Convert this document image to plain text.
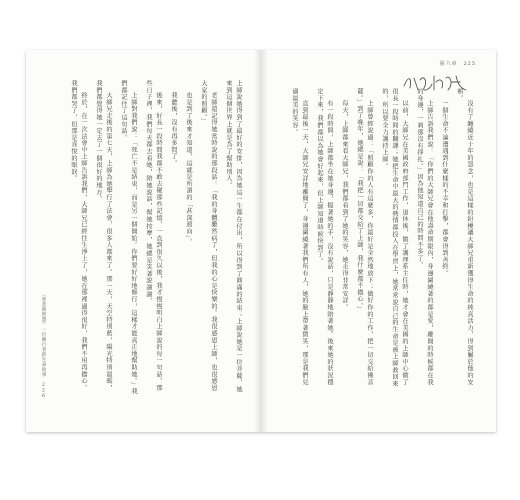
上師說她得到了最好的安排，因為她這一生都在付出，所以得到了圓滿的結束；上師說她是一位菩薩，她來到這個世界上就是為了幫助別人。

老師還記得她當時說的那段話：「我的身體雖然病了，但我的心是快樂的。我很感恩上師，也很感恩大家的照顧。」

也是到了後來才知道，這就是所謂的「甚深迴向」。

我聽後，沒有再多問了。

後來，好長一段時間我都不敢去碰那些記憶，一直到很久以後，我才慢慢明白上師說的每一句話。那些日子裡，我們每天都去看她，陪她說話，幫她按摩，她總是笑著說謝謝。

上師對我們說：「死亡不是結束，而是另一個開始。你們要好好地修行，這樣才能真正地幫助她。」我們都記住了這句話。

大師兄走後的第七天，上師為她舉行了法會，很多人都來了。那一天，天空特別藍，陽光特別溫暖，我們都覺得她一定去了一個很好的地方。

終於，在一次法會中上師告訴我們，大師兄已經往生淨土了，她在那裡過得很好，我們不用再擔心。我們都哭了，但那是喜悅的眼淚。

〈慈悲與智慧〉一位修行者的生命故事226
第六章 225

沒有了纏繞近十年的怨念，也是這樣的紛擾讓大師兄重新獲得生命的純真活力，得到屬於他的安頓。

一個生命不論遭遇到什麼樣的不幸和打擊，都會得到善終。

上師告訴我們說：「你們的大師兄會在他壽命期限內，身邊圍繞著的都是愛，離開的時候都在我的身邊，一剎那沒有掙扎。」因為他知道自己的時間不多了。

以前，大師兄在美國政府部門工作，退休後，做了護理系主任時，她才會在美國的上師中心做了很長一段時間的翻譯；她把生命中最大的熱情都投入在學習上，她常常說自己的生命是被上師救回來的，所以要全力護持上師。

上師曾經說過：「照顧你的人有這麼多，你最好是全然地放下；做好你的工作，把一切交給佛菩薩。」到了晚年，她總是說：「我把一切都交給了上師，我什麼都不擔心。」

每天，上師都來看大師兄，我們都看到了她的笑容，她走得非常安詳。

有一段時間，上師都坐在她身邊，握著她的手，沒有說話，只是靜靜地陪著她。後來她的狀況穩定下來，我們都以為她會好起來，但上師知道時候快到了。

直到最後一天，大師兄安詳地離開了，身邊圍繞著我們所有人，她的臉上帶著微笑，那是我們見過最美的笑容。
